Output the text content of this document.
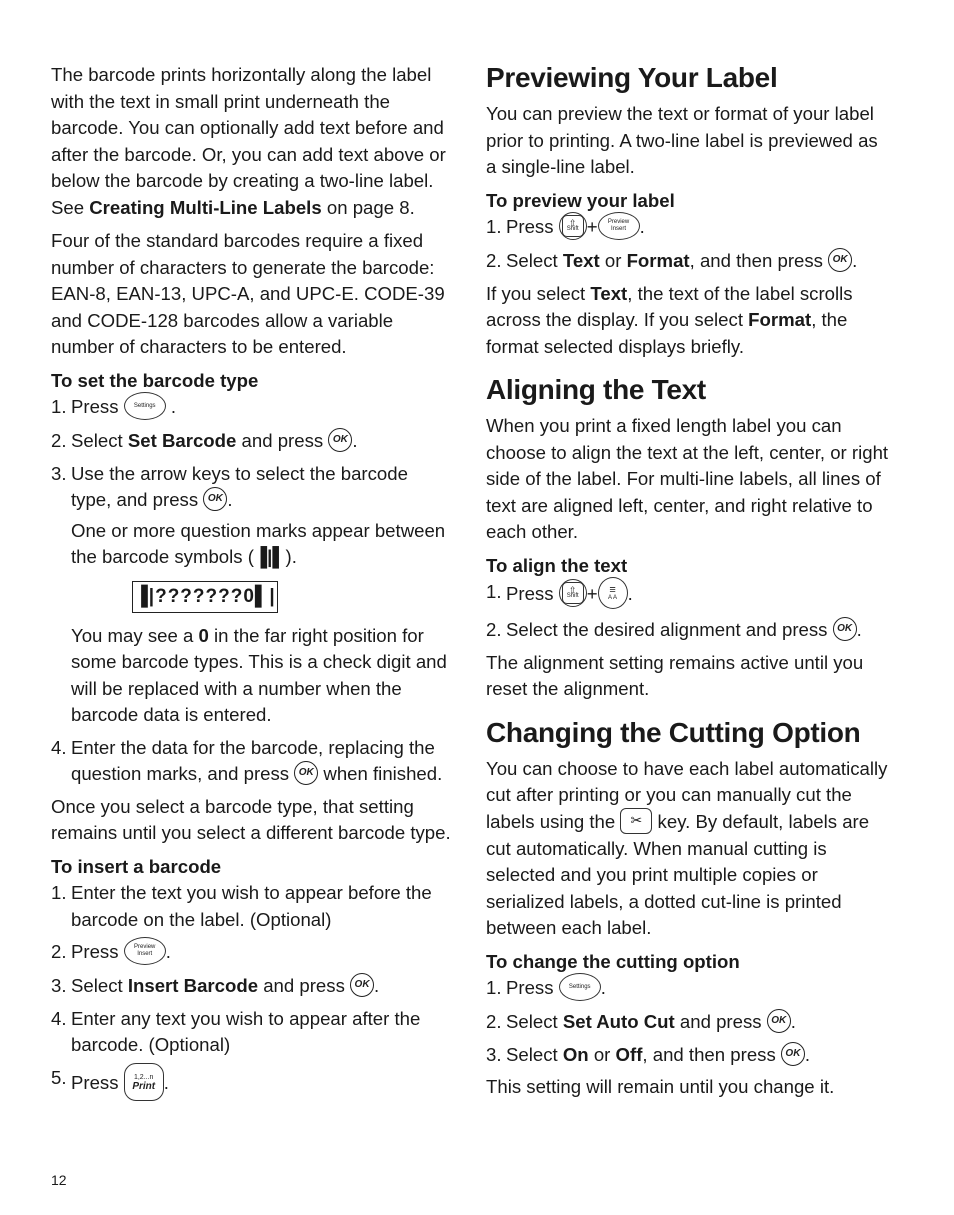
The barcode prints horizontally along the label with the text in small print underneath the barcode. You can optionally add text before and after the barcode. Or, you can add text above or below the barcode by creating a two-line label. See Creating Multi-Line Labels on page 8.

Four of the standard barcodes require a fixed number of characters to generate the barcode: EAN-8, EAN-13, UPC-A, and UPC-E. CODE-39 and CODE-128 barcodes allow a variable number of characters to be entered.

To set the barcode type

1. Press Settings .
2. Select Set Barcode and press OK .
3. Use the arrow keys to select the barcode type, and press OK .
One or more question marks appear between the barcode symbols (▐|▌).
▐|???????0▌|
You may see a 0 in the far right position for some barcode types. This is a check digit and will be replaced with a number when the barcode data is entered.
4. Enter the data for the barcode, replacing the question marks, and press OK when finished.

Once you select a barcode type, that setting remains until you select a different barcode type.

To insert a barcode

1. Enter the text you wish to appear before the barcode on the label. (Optional)
2. Press Preview
Insert .
3. Select Insert Barcode and press OK .
4. Enter any text you wish to appear after the barcode. (Optional)
5. Press 1,2...n
Print .
Previewing Your Label

You can preview the text or format of your label prior to printing. A two-line label is previewed as a single-line label.

To preview your label

1. Press ⇧
Shift + Preview
Insert .
2. Select Text or Format, and then press OK .

If you select Text, the text of the label scrolls across the display. If you select Format, the format selected displays briefly.

Aligning the Text

When you print a fixed length label you can choose to align the text at the left, center, or right side of the label. For multi-line labels, all lines of text are aligned left, center, and right relative to each other.

To align the text

1. Press ⇧
Shift + ≡
A A .
2. Select the desired alignment and press OK .

The alignment setting remains active until you reset the alignment.

Changing the Cutting Option

You can choose to have each label automatically cut after printing or you can manually cut the labels using the ✂ key. By default, labels are cut automatically. When manual cutting is selected and you print multiple copies or serialized labels, a dotted cut-line is printed between each label.

To change the cutting option

1. Press Settings .
2. Select Set Auto Cut and press OK .
3. Select On or Off, and then press OK .

This setting will remain until you change it.

12
